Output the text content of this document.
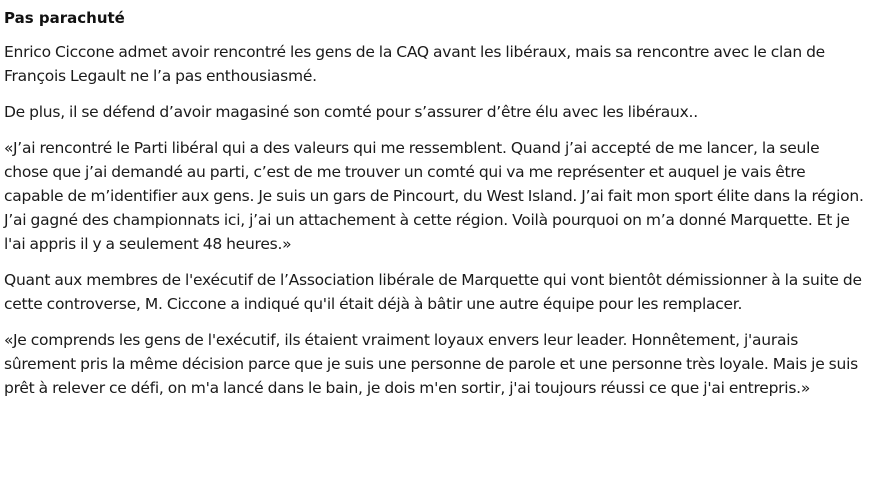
Pas parachuté

Enrico Ciccone admet avoir rencontré les gens de la CAQ avant les libéraux, mais sa rencontre avec le clan de François Legault ne l’a pas enthousiasmé.

De plus, il se défend d’avoir magasiné son comté pour s’assurer d’être élu avec les libéraux..

«J’ai rencontré le Parti libéral qui a des valeurs qui me ressemblent. Quand j’ai accepté de me lancer, la seule chose que j’ai demandé au parti, c’est de me trouver un comté qui va me représenter et auquel je vais être capable de m’identifier aux gens. Je suis un gars de Pincourt, du West Island. J’ai fait mon sport élite dans la région. J’ai gagné des championnats ici, j’ai un attachement à cette région. Voilà pourquoi on m’a donné Marquette. Et je l'ai appris il y a seulement 48 heures.»

Quant aux membres de l'exécutif de l’Association libérale de Marquette qui vont bientôt démissionner à la suite de cette controverse, M. Ciccone a indiqué qu'il était déjà à bâtir une autre équipe pour les remplacer.

«Je comprends les gens de l'exécutif, ils étaient vraiment loyaux envers leur leader. Honnêtement, j'aurais sûrement pris la même décision parce que je suis une personne de parole et une personne très loyale. Mais je suis prêt à relever ce défi, on m'a lancé dans le bain, je dois m'en sortir, j'ai toujours réussi ce que j'ai entrepris.»
